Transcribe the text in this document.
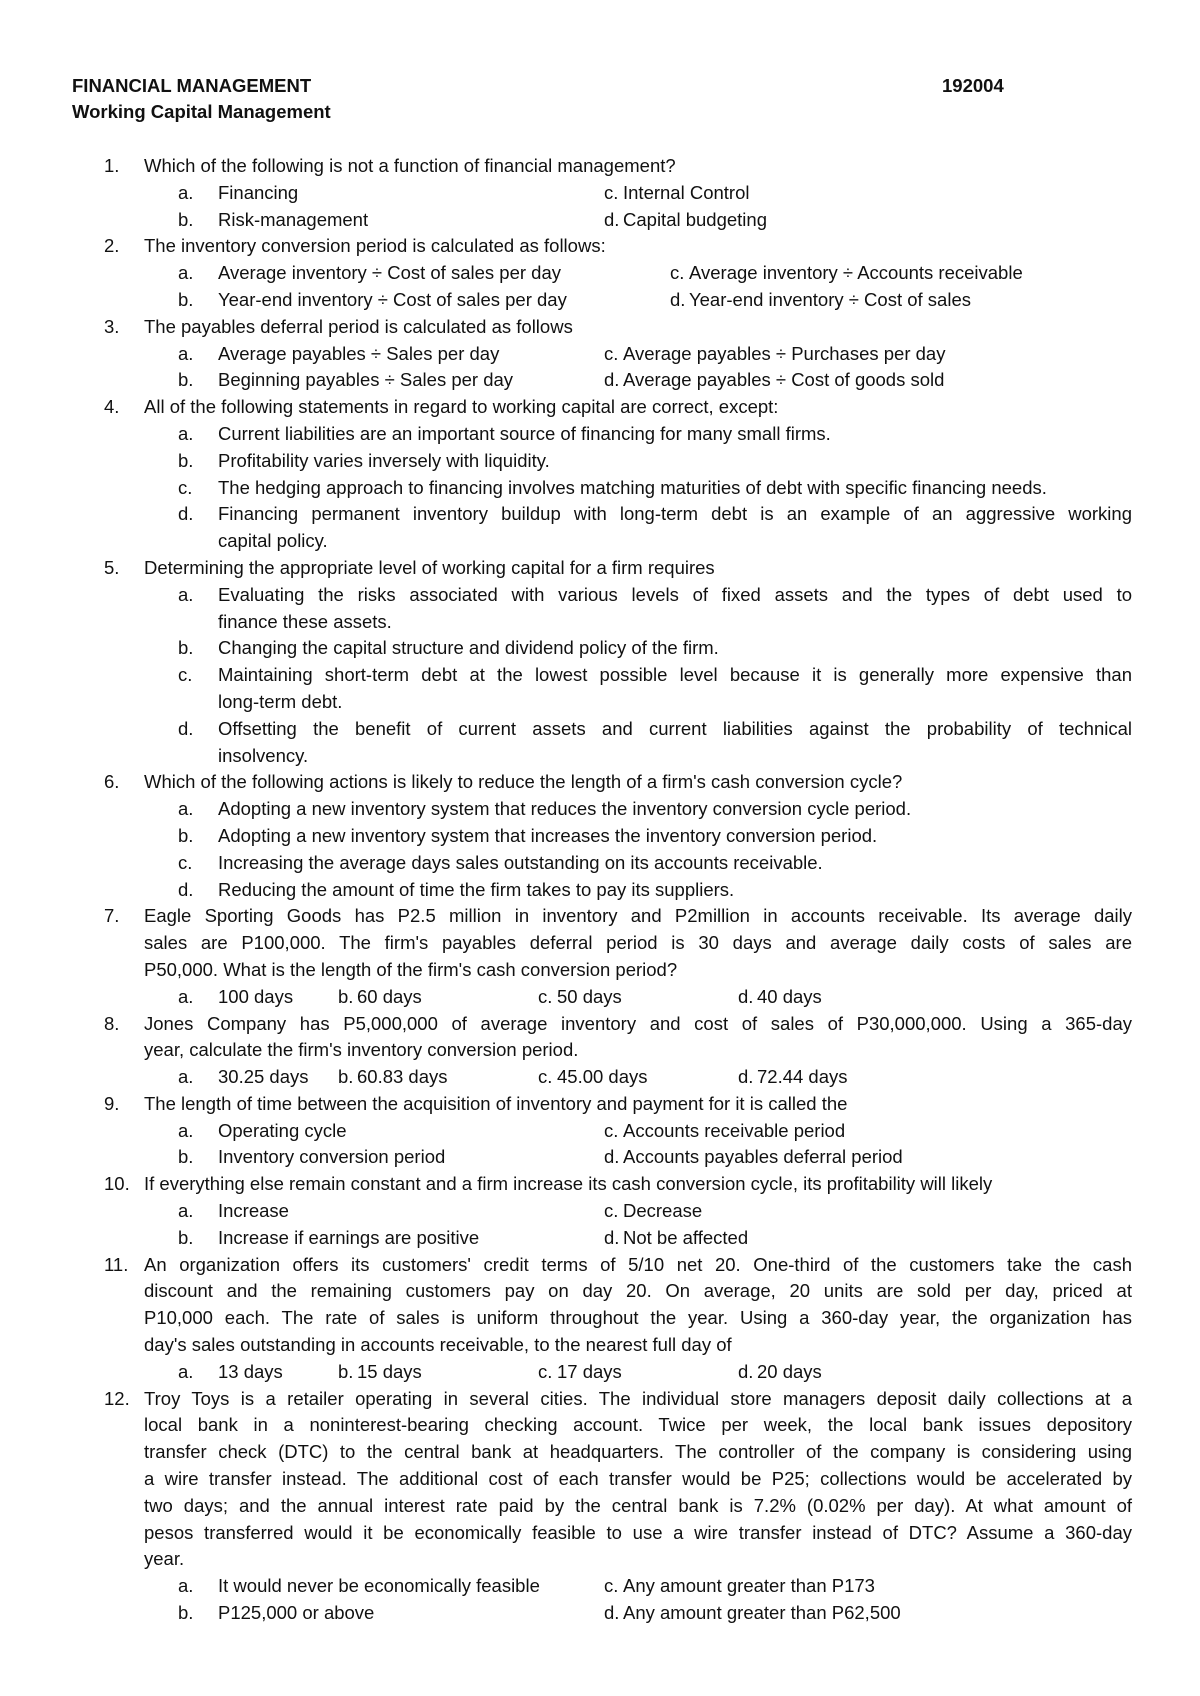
FINANCIAL MANAGEMENT	192004
Working Capital Management
1. Which of the following is not a function of financial management?
a. Financing	c. Internal Control
b. Risk-management	d. Capital budgeting
2. The inventory conversion period is calculated as follows:
a. Average inventory ÷ Cost of sales per day	c. Average inventory ÷ Accounts receivable
b. Year-end inventory ÷ Cost of sales per day	d. Year-end inventory ÷ Cost of sales
3. The payables deferral period is calculated as follows
a. Average payables ÷ Sales per day	c. Average payables ÷ Purchases per day
b. Beginning payables ÷ Sales per day	d. Average payables ÷ Cost of goods sold
4. All of the following statements in regard to working capital are correct, except:
a. Current liabilities are an important source of financing for many small firms.
b. Profitability varies inversely with liquidity.
c. The hedging approach to financing involves matching maturities of debt with specific financing needs.
d. Financing permanent inventory buildup with long-term debt is an example of an aggressive working
capital policy.
5. Determining the appropriate level of working capital for a firm requires
a. Evaluating the risks associated with various levels of fixed assets and the types of debt used to
finance these assets.
b. Changing the capital structure and dividend policy of the firm.
c. Maintaining short-term debt at the lowest possible level because it is generally more expensive than
long-term debt.
d. Offsetting the benefit of current assets and current liabilities against the probability of technical
insolvency.
6. Which of the following actions is likely to reduce the length of a firm's cash conversion cycle?
a. Adopting a new inventory system that reduces the inventory conversion cycle period.
b. Adopting a new inventory system that increases the inventory conversion period.
c. Increasing the average days sales outstanding on its accounts receivable.
d. Reducing the amount of time the firm takes to pay its suppliers.
7. Eagle Sporting Goods has P2.5 million in inventory and P2million in accounts receivable. Its average daily
sales are P100,000. The firm's payables deferral period is 30 days and average daily costs of sales are
P50,000. What is the length of the firm's cash conversion period?
a. 100 days b. 60 days	c. 50 days	d. 40 days
8. Jones Company has P5,000,000 of average inventory and cost of sales of P30,000,000. Using a 365-day
year, calculate the firm's inventory conversion period.
a. 30.25 days b. 60.83 days	c. 45.00 days	d. 72.44 days
9. The length of time between the acquisition of inventory and payment for it is called the
a. Operating cycle	c. Accounts receivable period
b. Inventory conversion period	d. Accounts payables deferral period
10. If everything else remain constant and a firm increase its cash conversion cycle, its profitability will likely
a. Increase	c. Decrease
b. Increase if earnings are positive	d. Not be affected
11. An organization offers its customers' credit terms of 5/10 net 20. One-third of the customers take the cash
discount and the remaining customers pay on day 20. On average, 20 units are sold per day, priced at
P10,000 each. The rate of sales is uniform throughout the year. Using a 360-day year, the organization has
day's sales outstanding in accounts receivable, to the nearest full day of
a. 13 days	b. 15 days	c. 17 days	d. 20 days
12. Troy Toys is a retailer operating in several cities. The individual store managers deposit daily collections at a
local bank in a noninterest-bearing checking account. Twice per week, the local bank issues depository
transfer check (DTC) to the central bank at headquarters. The controller of the company is considering using
a wire transfer instead. The additional cost of each transfer would be P25; collections would be accelerated by
two days; and the annual interest rate paid by the central bank is 7.2% (0.02% per day). At what amount of
pesos transferred would it be economically feasible to use a wire transfer instead of DTC? Assume a 360-day
year.
a. It would never be economically feasible	c. Any amount greater than P173
b. P125,000 or above	d. Any amount greater than P62,500
